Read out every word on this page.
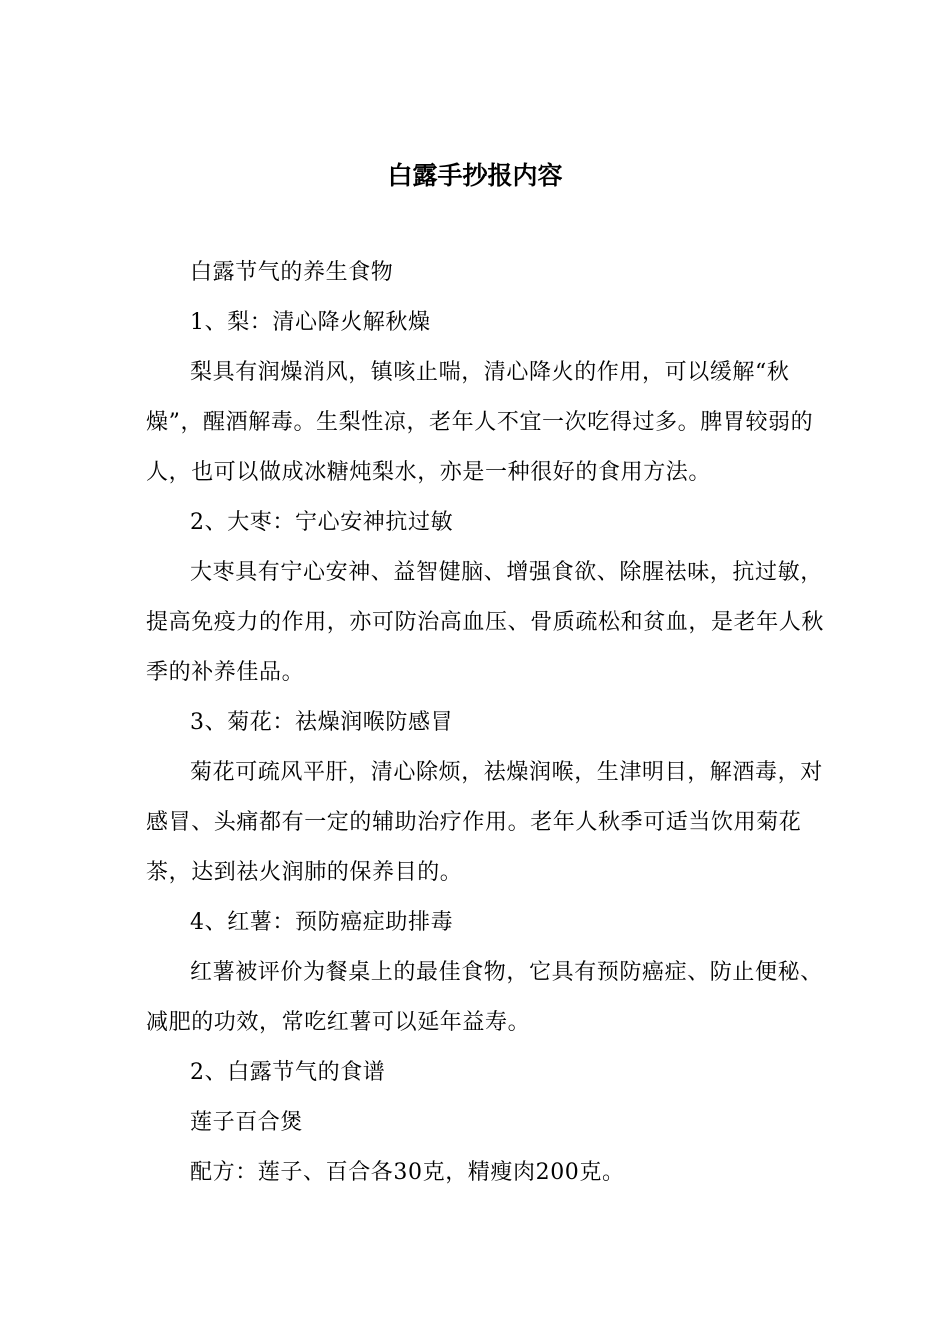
白露手抄报内容

白露节气的养生食物

1、梨：清心降火解秋燥

梨具有润燥消风，镇咳止喘，清心降火的作用，可以缓解“秋燥”，醒酒解毒。生梨性凉，老年人不宜一次吃得过多。脾胃较弱的人，也可以做成冰糖炖梨水，亦是一种很好的食用方法。

2、大枣：宁心安神抗过敏

大枣具有宁心安神、益智健脑、增强食欲、除腥祛味，抗过敏，提高免疫力的作用，亦可防治高血压、骨质疏松和贫血，是老年人秋季的补养佳品。

3、菊花：祛燥润喉防感冒

菊花可疏风平肝，清心除烦，祛燥润喉，生津明目，解酒毒，对感冒、头痛都有一定的辅助治疗作用。老年人秋季可适当饮用菊花茶，达到祛火润肺的保养目的。

4、红薯：预防癌症助排毒

红薯被评价为餐桌上的最佳食物，它具有预防癌症、防止便秘、减肥的功效，常吃红薯可以延年益寿。

2、白露节气的食谱

莲子百合煲

配方：莲子、百合各30克，精瘦肉200克。
